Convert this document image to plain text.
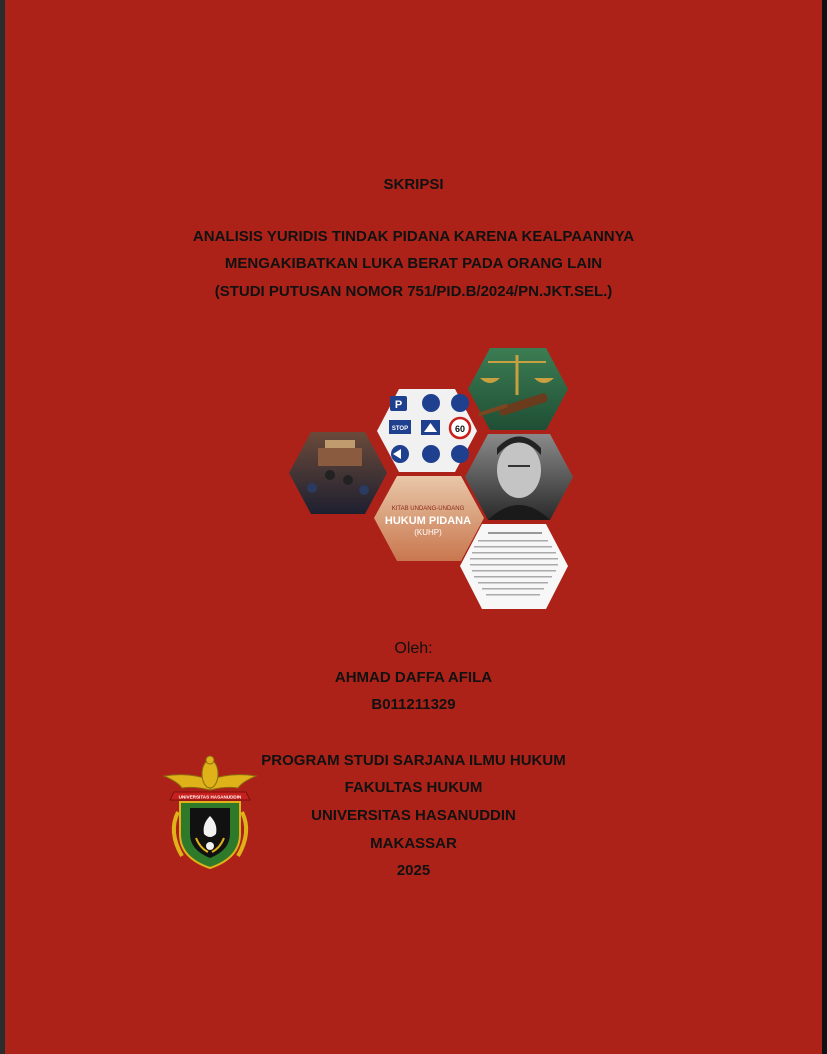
SKRIPSI
ANALISIS YURIDIS TINDAK PIDANA KARENA KEALPAANNYA
MENGAKIBATKAN LUKA BERAT PADA ORANG LAIN
(STUDI PUTUSAN NOMOR 751/PID.B/2024/PN.JKT.SEL.)
P
STOP	60
KITAB UNDANG-UNDANG
HUKUM PIDANA
(KUHP)
Oleh:
AHMAD DAFFA AFILA
B011211329
UNIVERSITAS HASANUDDIN
PROGRAM STUDI SARJANA ILMU HUKUM
FAKULTAS HUKUM
UNIVERSITAS HASANUDDIN
MAKASSAR
2025
